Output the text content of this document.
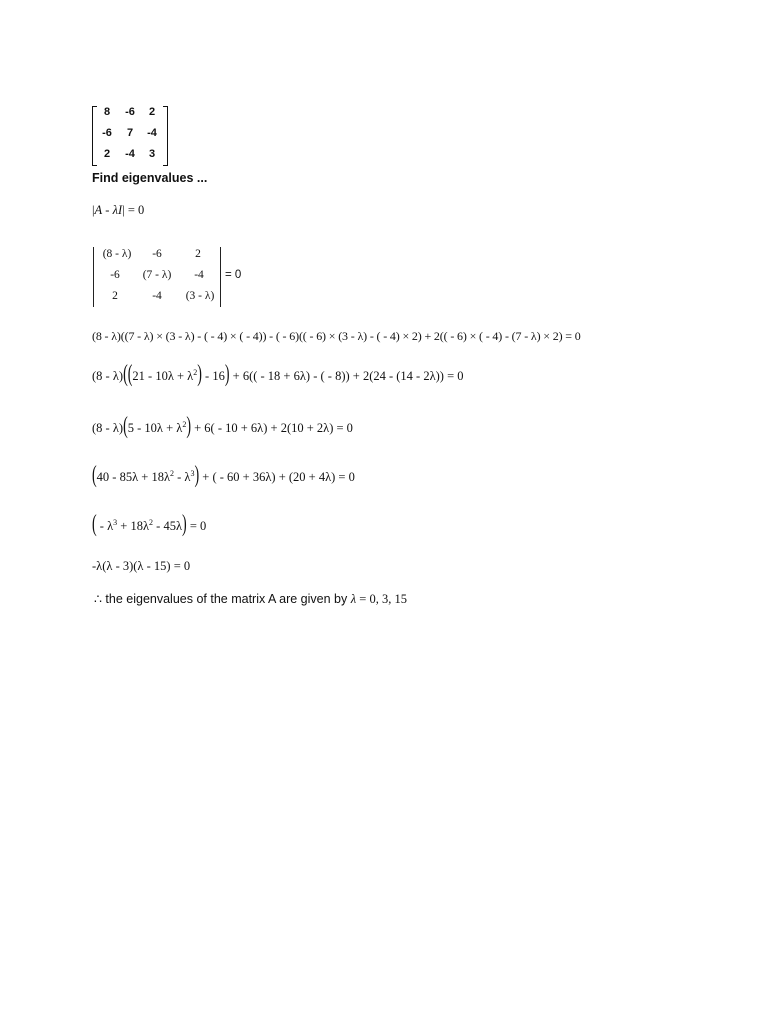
8	-6	2
-6	7	-4
2	-4	3
Find eigenvalues ...
|A - λI| = 0
(8 - λ)	-6	2
-6	(7 - λ)	-4
2	-4	(3 - λ)
= 0
(8 - λ)((7 - λ) × (3 - λ) - ( - 4) × ( - 4)) - ( - 6)(( - 6) × (3 - λ) - ( - 4) × 2) + 2(( - 6) × ( - 4) - (7 - λ) × 2) = 0
$(8 - \lambda)((21 - 10\lambda + \lambda^2) - 16) + 6(( - 18 + 6\lambda)$ - ( - 8)) + 2(24 - (14 - 2λ)) = 0
$(8 - \lambda)(5 - 10\lambda + \lambda^2) + 6( - 10 + 6\lambda) + 2(10 + 2\lambda) = 0$
$(40 - 85\lambda + 18\lambda^2 - \lambda^3)$ + ( - 60 + 36λ) + (20 + 4λ) = 0
( - $\lambda^3 + 18\lambda^2 - 45\lambda) = 0$
-λ(λ - 3)(λ - 15) = 0
∴ the eigenvalues of the matrix A are given by λ = 0, 3, 15
